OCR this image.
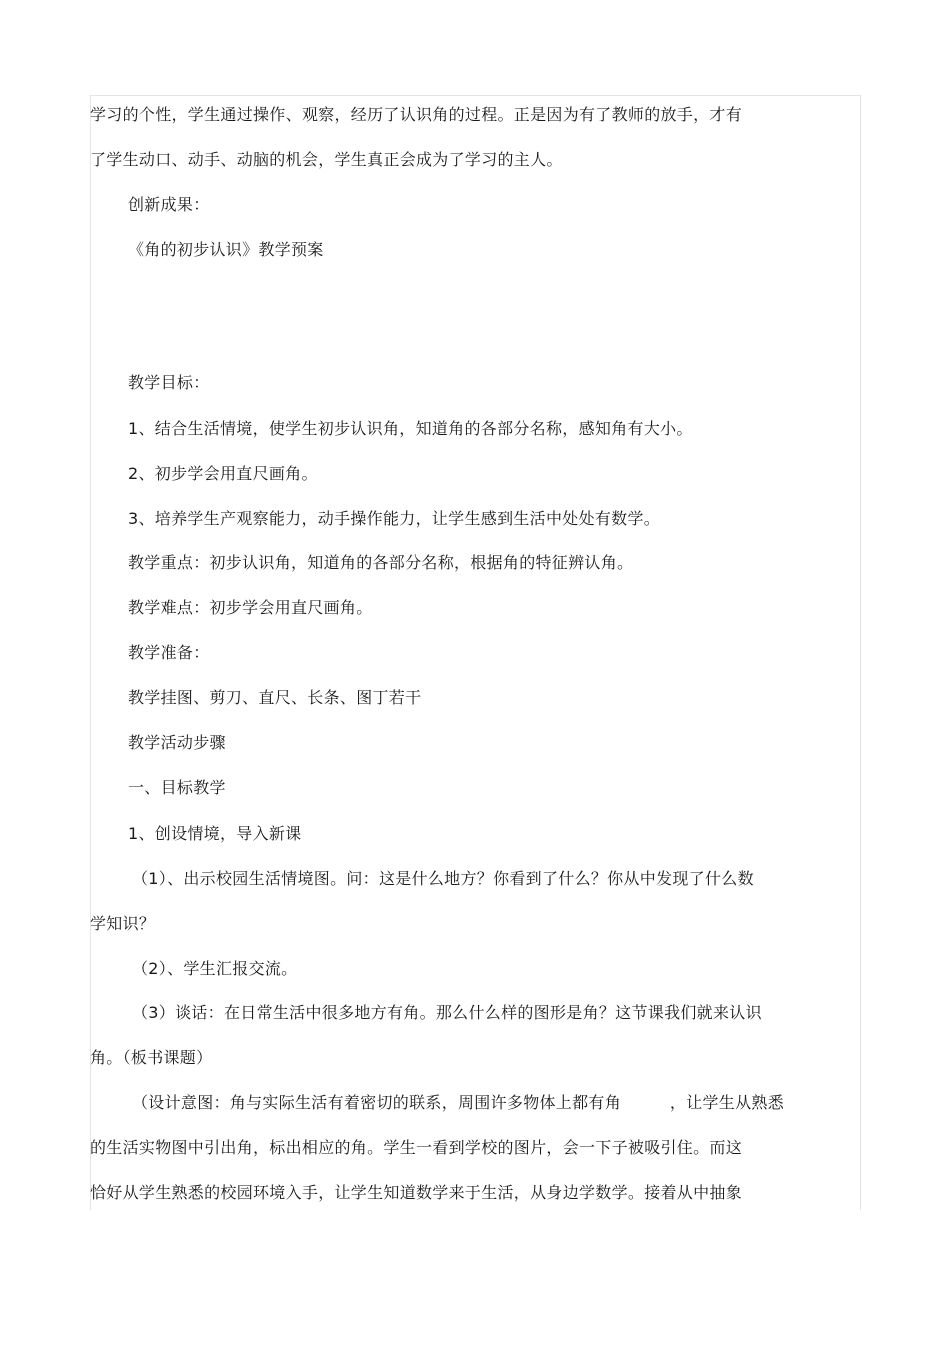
学习的个性，学生通过操作、观察，经历了认识角的过程。正是因为有了教师的放手，才有
了学生动口、动手、动脑的机会，学生真正会成为了学习的主人。
创新成果：
《角的初步认识》教学预案
教学目标：
1、结合生活情境，使学生初步认识角，知道角的各部分名称，感知角有大小。
2、初步学会用直尺画角。
3、培养学生产观察能力，动手操作能力，让学生感到生活中处处有数学。
教学重点：初步认识角，知道角的各部分名称，根据角的特征辨认角。
教学难点：初步学会用直尺画角。
教学准备：
教学挂图、剪刀、直尺、长条、图丁若干
教学活动步骤
一、目标教学
1、创设情境，导入新课
（1）、出示校园生活情境图。问：这是什么地方？你看到了什么？你从中发现了什么数
学知识？
（2）、学生汇报交流。
（3）谈话：在日常生活中很多地方有角。那么什么样的图形是角？这节课我们就来认识
角。（板书课题）
（设计意图：角与实际生活有着密切的联系，周围许多物体上都有角　　　，让学生从熟悉
的生活实物图中引出角，标出相应的角。学生一看到学校的图片，会一下子被吸引住。而这
恰好从学生熟悉的校园环境入手，让学生知道数学来于生活，从身边学数学。接着从中抽象
